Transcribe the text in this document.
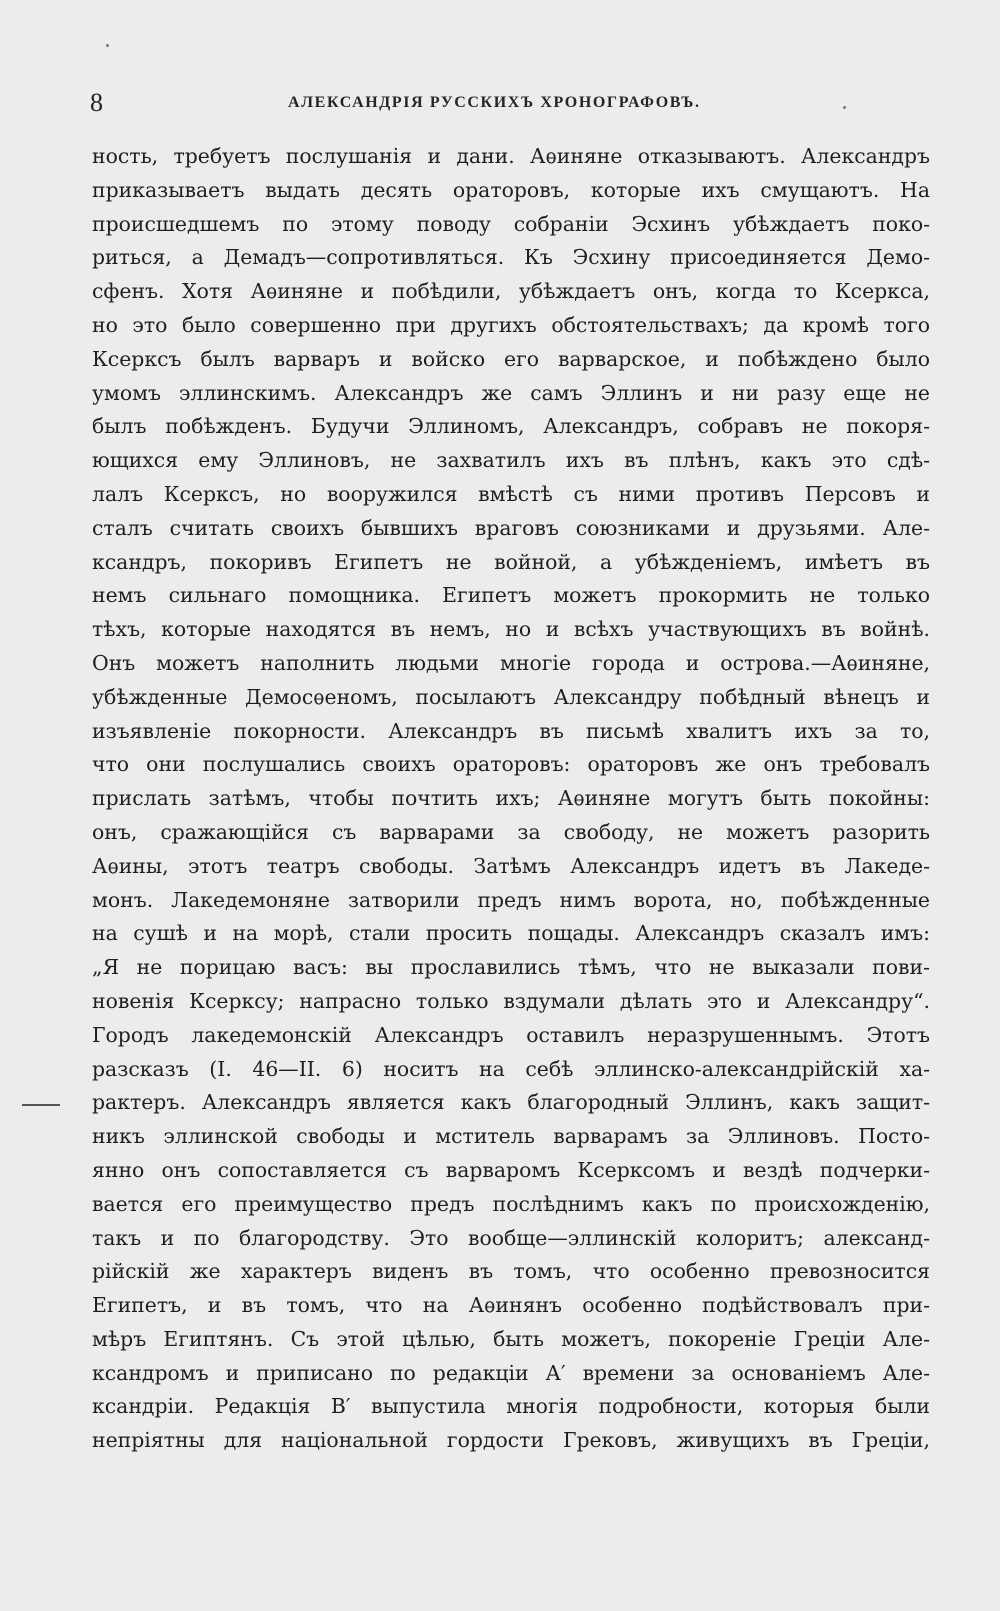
8	АЛЕКСАНДРІЯ РУССКИХЪ ХРОНОГРАФОВЪ.
ность, требуетъ послушанія и дани. Аѳиняне отказываютъ. Александръ
приказываетъ выдать десять ораторовъ, которые ихъ смущаютъ. На
происшедшемъ по этому поводу собраніи Эсхинъ убѣждаетъ поко-
риться, а Демадъ—сопротивляться. Къ Эсхину присоединяется Демо-
сфенъ. Хотя Аѳиняне и побѣдили, убѣждаетъ онъ, когда то Ксеркса,
но это было совершенно при другихъ обстоятельствахъ; да кромѣ того
Ксерксъ былъ варваръ и войско его варварское, и побѣждено было
умомъ эллинскимъ. Александръ же самъ Эллинъ и ни разу еще не
былъ побѣжденъ. Будучи Эллиномъ, Александръ, собравъ не покоря-
ющихся ему Эллиновъ, не захватилъ ихъ въ плѣнъ, какъ это сдѣ-
лалъ Ксерксъ, но вооружился вмѣстѣ съ ними противъ Персовъ и
сталъ считать своихъ бывшихъ враговъ союзниками и друзьями. Але-
ксандръ, покоривъ Египетъ не войной, а убѣжденіемъ, имѣетъ въ
немъ сильнаго помощника. Египетъ можетъ прокормить не только
тѣхъ, которые находятся въ немъ, но и всѣхъ участвующихъ въ войнѣ.
Онъ можетъ наполнить людьми многіе города и острова.—Аѳиняне,
убѣжденные Демосѳеномъ, посылаютъ Александру побѣдный вѣнецъ и
изъявленіе покорности. Александръ въ письмѣ хвалитъ ихъ за то,
что они послушались своихъ ораторовъ: ораторовъ же онъ требовалъ
прислать затѣмъ, чтобы почтить ихъ; Аѳиняне могутъ быть покойны:
онъ, сражающійся съ варварами за свободу, не можетъ разорить
Аѳины, этотъ театръ свободы. Затѣмъ Александръ идетъ въ Лакеде-
монъ. Лакедемоняне затворили предъ нимъ ворота, но, побѣжденные
на сушѣ и на морѣ, стали просить пощады. Александръ сказалъ имъ:
„Я не порицаю васъ: вы прославились тѣмъ, что не выказали пови-
новенія Ксерксу; напрасно только вздумали дѣлать это и Александру“.
Городъ лакедемонскій Александръ оставилъ неразрушеннымъ. Этотъ
разсказъ (I. 46—II. 6) носитъ на себѣ эллинско-александрійскій ха-
рактеръ. Александръ является какъ благородный Эллинъ, какъ защит-
никъ эллинской свободы и мститель варварамъ за Эллиновъ. Посто-
янно онъ сопоставляется съ варваромъ Ксерксомъ и вездѣ подчерки-
вается его преимущество предъ послѣднимъ какъ по происхожденію,
такъ и по благородству. Это вообще—эллинскій колоритъ; александ-
рійскій же характеръ виденъ въ томъ, что особенно превозносится
Египетъ, и въ томъ, что на Аѳинянъ особенно подѣйствовалъ при-
мѣръ Египтянъ. Съ этой цѣлью, быть можетъ, покореніе Греціи Але-
ксандромъ и приписано по редакціи А′ времени за основаніемъ Але-
ксандріи. Редакція В′ выпустила многія подробности, которыя были
непріятны для національной гордости Грековъ, живущихъ въ Греціи,
